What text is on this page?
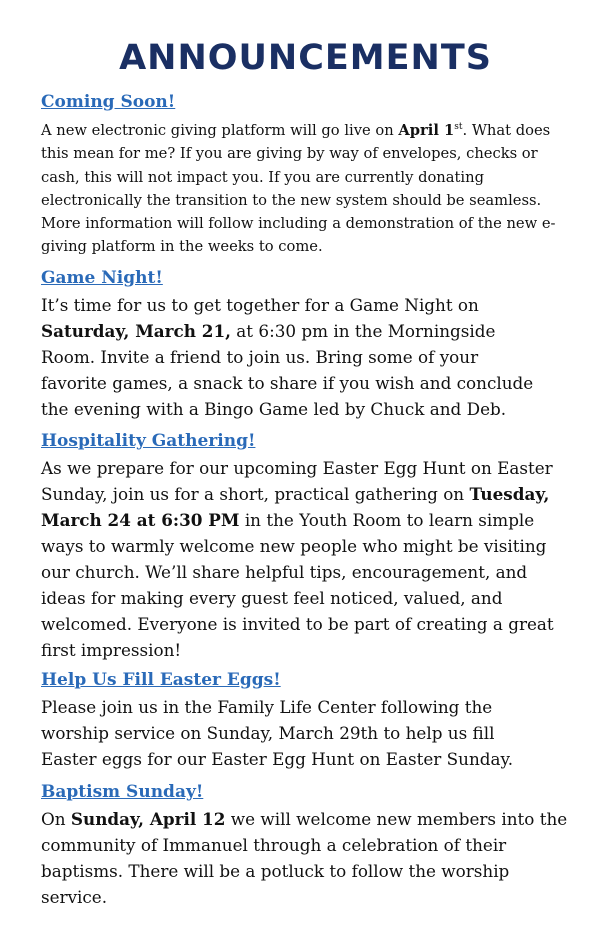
ANNOUNCEMENTS
Coming Soon!

A new electronic giving platform will go live on April 1st. What does
this mean for me? If you are giving by way of envelopes, checks or
cash, this will not impact you. If you are currently donating
electronically the transition to the new system should be seamless.
More information will follow including a demonstration of the new e-
giving platform in the weeks to come.

Game Night!

It’s time for us to get together for a Game Night on
Saturday, March 21, at 6:30 pm in the Morningside
Room. Invite a friend to join us. Bring some of your
favorite games, a snack to share if you wish and conclude
the evening with a Bingo Game led by Chuck and Deb.

Hospitality Gathering!

As we prepare for our upcoming Easter Egg Hunt on Easter
Sunday, join us for a short, practical gathering on Tuesday,
March 24 at 6:30 PM in the Youth Room to learn simple
ways to warmly welcome new people who might be visiting
our church. We’ll share helpful tips, encouragement, and
ideas for making every guest feel noticed, valued, and
welcomed. Everyone is invited to be part of creating a great
first impression!

Help Us Fill Easter Eggs!

Please join us in the Family Life Center following the
worship service on Sunday, March 29th to help us fill
Easter eggs for our Easter Egg Hunt on Easter Sunday.

Baptism Sunday!

On Sunday, April 12 we will welcome new members into the
community of Immanuel through a celebration of their
baptisms. There will be a potluck to follow the worship
service.
